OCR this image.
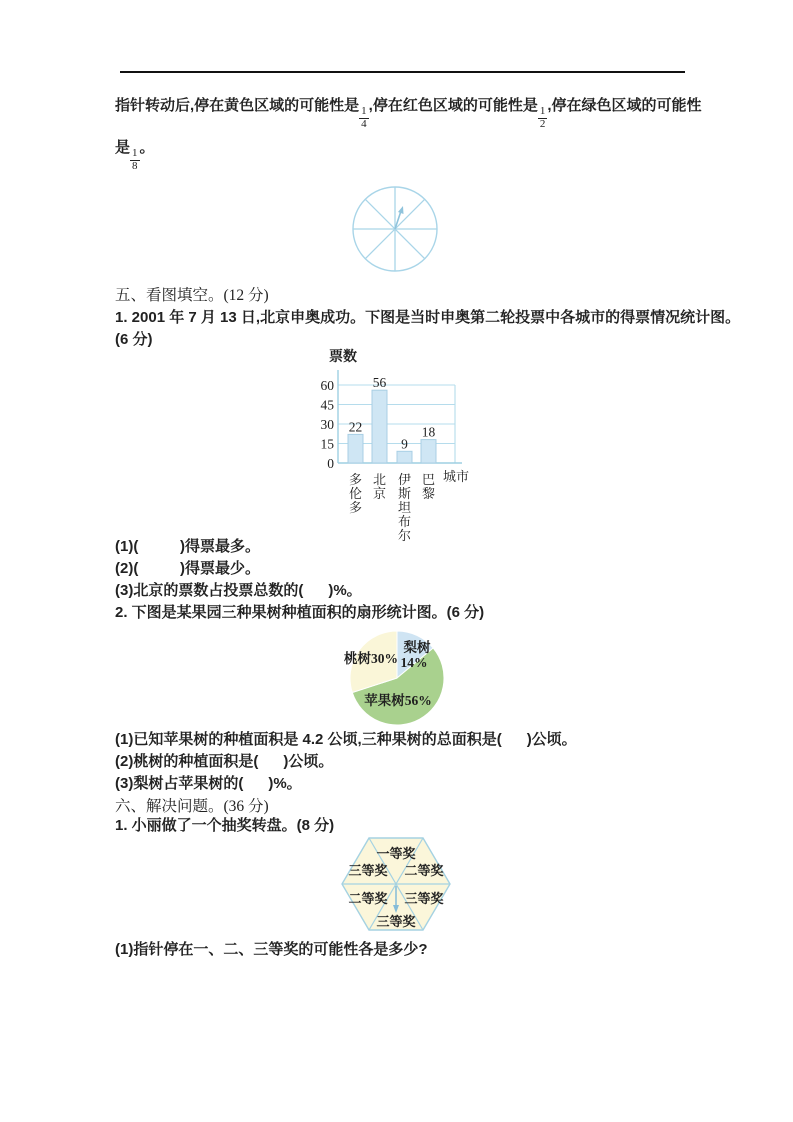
指针转动后,停在黄色区域的可能性是
$\frac{1}{4}$
,停在红色区域的可能性是
$\frac{1}{2}$
,停在绿色区域的可能性

是
$\frac{1}{8}$
。

五、看图填空。(12 分)
1. 2001 年 7 月 13 日,北京申奥成功。下图是当时申奥第二轮投票中各城市的得票情况统计图。
(6 分)
票数
0
15
30
45
60
22
多
伦
多
56
北
京
9
伊
斯
坦
布
尔
18
巴
黎
城市
(1)(          )得票最多。
(2)(          )得票最少。
(3)北京的票数占投票总数的(      )%。
2. 下图是某果园三种果树种植面积的扇形统计图。(6 分)
梨树
14%
苹果树56%
桃树30%
(1)已知苹果树的种植面积是 4.2 公顷,三种果树的总面积是(      )公顷。
(2)桃树的种植面积是(      )公顷。
(3)梨树占苹果树的(      )%。
六、解决问题。(36 分)
1. 小丽做了一个抽奖转盘。(8 分)
一等奖
三等奖 二等奖
二等奖 三等奖
三等奖
(1)指针停在一、二、三等奖的可能性各是多少?
